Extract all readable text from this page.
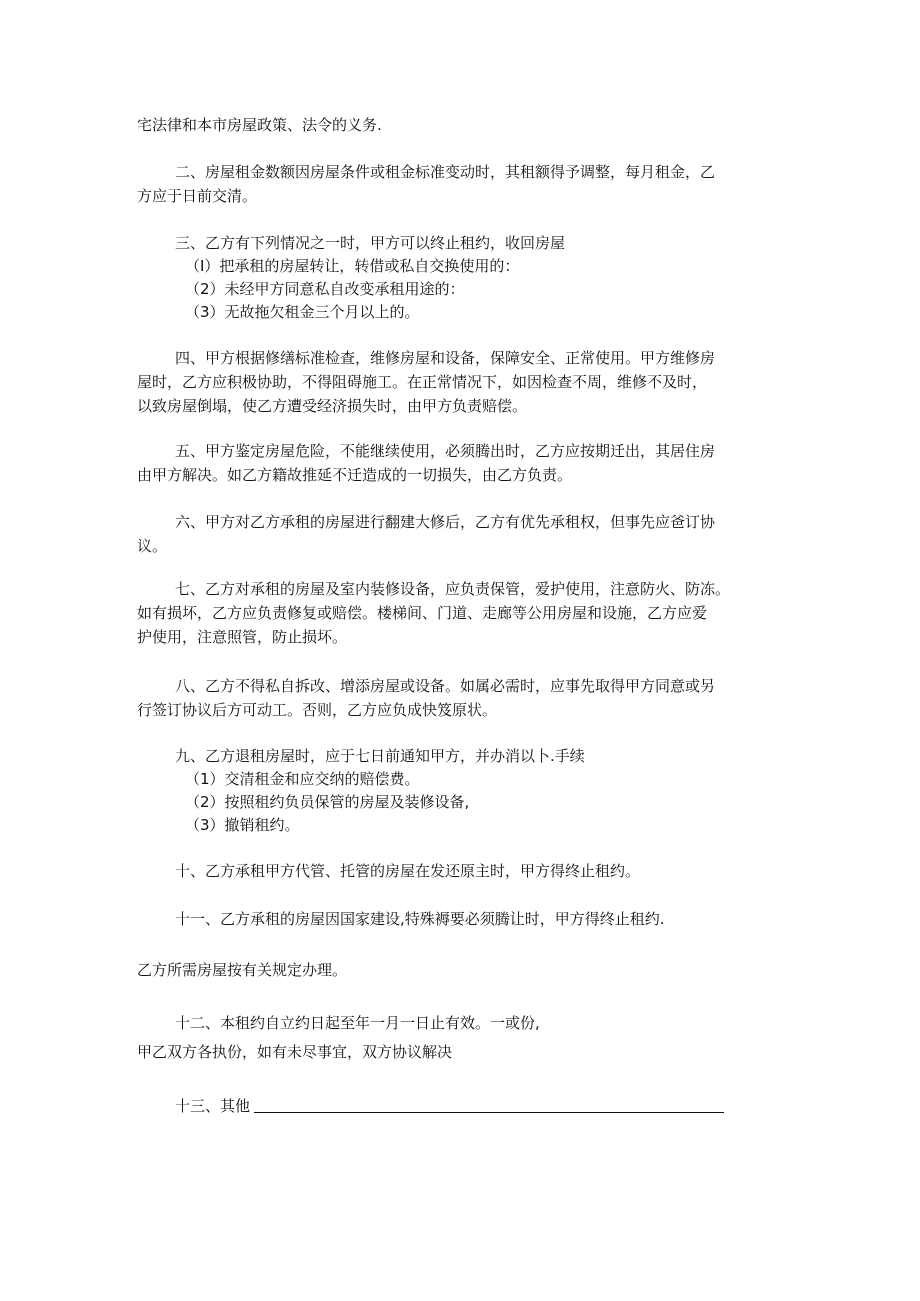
宅法律和本市房屋政策、法令的义务.
二、房屋租金数额因房屋条件或租金标准变动时，其租额得予调整，每月租金，乙
方应于日前交清。
三、乙方有下列情况之一时，甲方可以终止租约，收回房屋
（I）把承租的房屋转让，转借或私自交换使用的：
（2）未经甲方同意私自改变承租用途的：
（3）无故拖欠租金三个月以上的。
四、甲方根据修缮标准检查，维修房屋和设备，保障安全、正常使用。甲方维修房
屋时，乙方应积极协助，不得阻碍施工。在正常情况下，如因检查不周，维修不及时，
以致房屋倒塌，使乙方遭受经济损失时，由甲方负责赔偿。
五、甲方鉴定房屋危险，不能继续使用，必须腾出时，乙方应按期迁出，其居住房
由甲方解决。如乙方籍故推延不迁造成的一切损失，由乙方负责。
六、甲方对乙方承租的房屋进行翻建大修后，乙方有优先承租权，但事先应爸订协
议。
七、乙方对承租的房屋及室内装修设备，应负责保管，爱护使用，注意防火、防冻。
如有损坏，乙方应负责修复或赔偿。楼梯间、门道、走廊等公用房屋和设施，乙方应爱
护使用，注意照管，防止损坏。
八、乙方不得私自拆改、增添房屋或设备。如属必需时，应事先取得甲方同意或另
行签订协议后方可动工。否则，乙方应负成快笈原状。
九、乙方退租房屋时，应于七日前通知甲方，并办消以卜.手续
（1）交清租金和应交纳的赔偿费。
（2）按照租约负员保管的房屋及装修设备,
（3）撤销租约。
十、乙方承租甲方代管、托管的房屋在发还原主时，甲方得终止租约。
十一、乙方承租的房屋因国家建设,特殊褥要必须腾让时，甲方得终止租约.
乙方所需房屋按有关规定办理。
十二、本租约自立约日起至年一月一日止有效。一或份,
甲乙双方各执份，如有未尽事宜，双方协议解决
十三、其他
